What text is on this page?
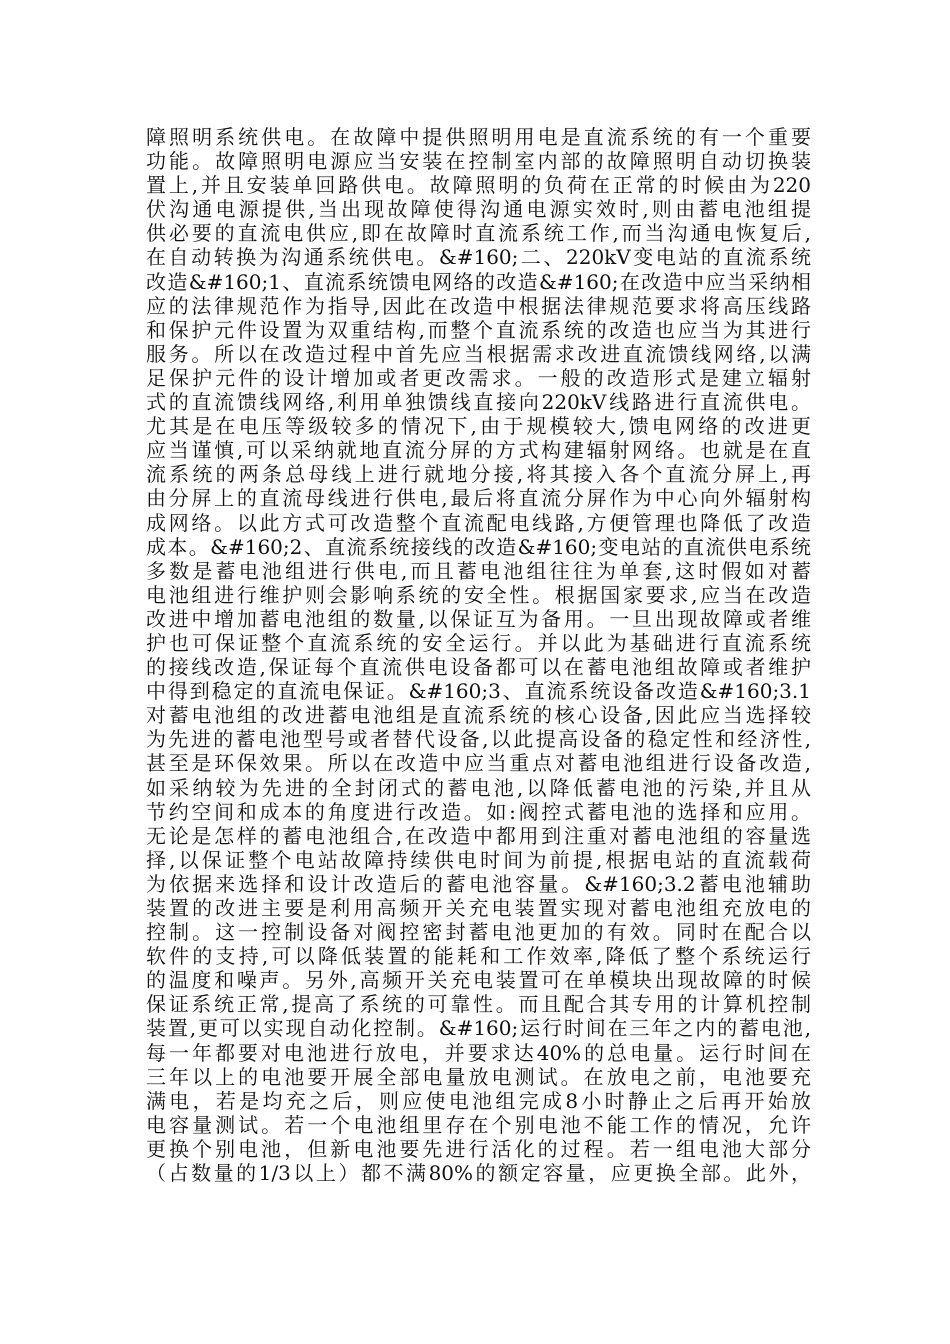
障照明系统供电。在故障中提供照明用电是直流系统的有一个重要
功能。故障照明电源应当安装在控制室内部的故障照明自动切换装
置上,并且安装单回路供电。故障照明的负荷在正常的时候由为220
伏沟通电源提供,当出现故障使得沟通电源实效时,则由蓄电池组提
供必要的直流电供应,即在故障时直流系统工作,而当沟通电恢复后,
在自动转换为沟通系统供电。&#160;二、220kV变电站的直流系统
改造&#160;1、直流系统馈电网络的改造&#160;在改造中应当采纳相
应的法律规范作为指导,因此在改造中根据法律规范要求将高压线路
和保护元件设置为双重结构,而整个直流系统的改造也应当为其进行
服务。所以在改造过程中首先应当根据需求改进直流馈线网络,以满
足保护元件的设计增加或者更改需求。一般的改造形式是建立辐射
式的直流馈线网络,利用单独馈线直接向220kV线路进行直流供电。
尤其是在电压等级较多的情况下,由于规模较大,馈电网络的改进更
应当谨慎,可以采纳就地直流分屏的方式构建辐射网络。也就是在直
流系统的两条总母线上进行就地分接,将其接入各个直流分屏上,再
由分屏上的直流母线进行供电,最后将直流分屏作为中心向外辐射构
成网络。以此方式可改造整个直流配电线路,方便管理也降低了改造
成本。&#160;2、直流系统接线的改造&#160;变电站的直流供电系统
多数是蓄电池组进行供电,而且蓄电池组往往为单套,这时假如对蓄
电池组进行维护则会影响系统的安全性。根据国家要求,应当在改造
改进中增加蓄电池组的数量,以保证互为备用。一旦出现故障或者维
护也可保证整个直流系统的安全运行。并以此为基础进行直流系统
的接线改造,保证每个直流供电设备都可以在蓄电池组故障或者维护
中得到稳定的直流电保证。&#160;3、直流系统设备改造&#160;3.1
对蓄电池组的改进蓄电池组是直流系统的核心设备,因此应当选择较
为先进的蓄电池型号或者替代设备,以此提高设备的稳定性和经济性,
甚至是环保效果。所以在改造中应当重点对蓄电池组进行设备改造,
如采纳较为先进的全封闭式的蓄电池,以降低蓄电池的污染,并且从
节约空间和成本的角度进行改造。如:阀控式蓄电池的选择和应用。
无论是怎样的蓄电池组合,在改造中都用到注重对蓄电池组的容量选
择,以保证整个电站故障持续供电时间为前提,根据电站的直流载荷
为依据来选择和设计改造后的蓄电池容量。&#160;3.2蓄电池辅助
装置的改进主要是利用高频开关充电装置实现对蓄电池组充放电的
控制。这一控制设备对阀控密封蓄电池更加的有效。同时在配合以
软件的支持,可以降低装置的能耗和工作效率,降低了整个系统运行
的温度和噪声。另外,高频开关充电装置可在单模块出现故障的时候
保证系统正常,提高了系统的可靠性。而且配合其专用的计算机控制
装置,更可以实现自动化控制。&#160;运行时间在三年之内的蓄电池,
每一年都要对电池进行放电，并要求达40%的总电量。运行时间在
三年以上的电池要开展全部电量放电测试。在放电之前，电池要充
满电，若是均充之后，则应使电池组完成8小时静止之后再开始放
电容量测试。若一个电池组里存在个别电池不能工作的情况，允许
更换个别电池，但新电池要先进行活化的过程。若一组电池大部分
（占数量的1/3以上）都不满80%的额定容量，应更换全部。此外，
